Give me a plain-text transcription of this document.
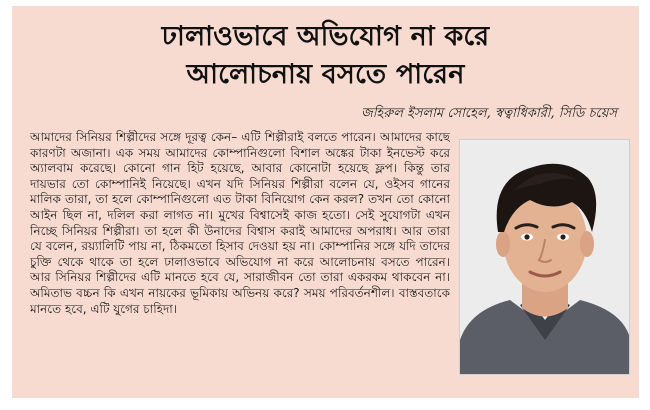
ঢালাওভাবে অভিযোগ না করে
আলোচনায় বসতে পারেন
জহিরুল ইসলাম সোহেল, স্বত্বাধিকারী, সিডি চয়েস

আমাদের সিনিয়র শিল্পীদের সঙ্গে দূরত্ব কেন– এটি শিল্পীরাই বলতে পারেন। আমাদের কাছে কারণটা অজানা। এক সময় আমাদের কোম্পানিগুলো বিশাল অঙ্কের টাকা ইনভেস্ট করে অ্যালবাম করেছে। কোনো গান হিট হয়েছে, আবার কোনোটা হয়েছে ফ্লপ। কিন্তু তার দায়ভার তো কোম্পানিই নিয়েছে। এখন যদি সিনিয়র শিল্পীরা বলেন যে, ওইসব গানের মালিক তারা, তা হলে কোম্পানিগুলো এত টাকা বিনিয়োগ কেন করল? তখন তো কোনো আইন ছিল না, দলিল করা লাগত না। মুখের বিশ্বাসেই কাজ হতো। সেই সুযোগটা এখন নিচ্ছে সিনিয়র শিল্পীরা। তা হলে কী উনাদের বিশ্বাস করাই আমাদের অপরাধ। আর তারা যে বলেন, রয়্যালিটি পায় না, ঠিকমতো হিসাব দেওয়া হয় না। কোম্পানির সঙ্গে যদি তাদের চুক্তি থেকে থাকে তা হলে ঢালাওভাবে অভিযোগ না করে আলোচনায় বসতে পারেন। আর সিনিয়র শিল্পীদের এটি মানতে হবে যে, সারাজীবন তো তারা একরকম থাকবেন না। অমিতাভ বচ্চন কি এখন নায়কের ভূমিকায় অভিনয় করে? সময় পরিবর্তনশীল। বাস্তবতাকে মানতে হবে, এটি যুগের চাহিদা।
